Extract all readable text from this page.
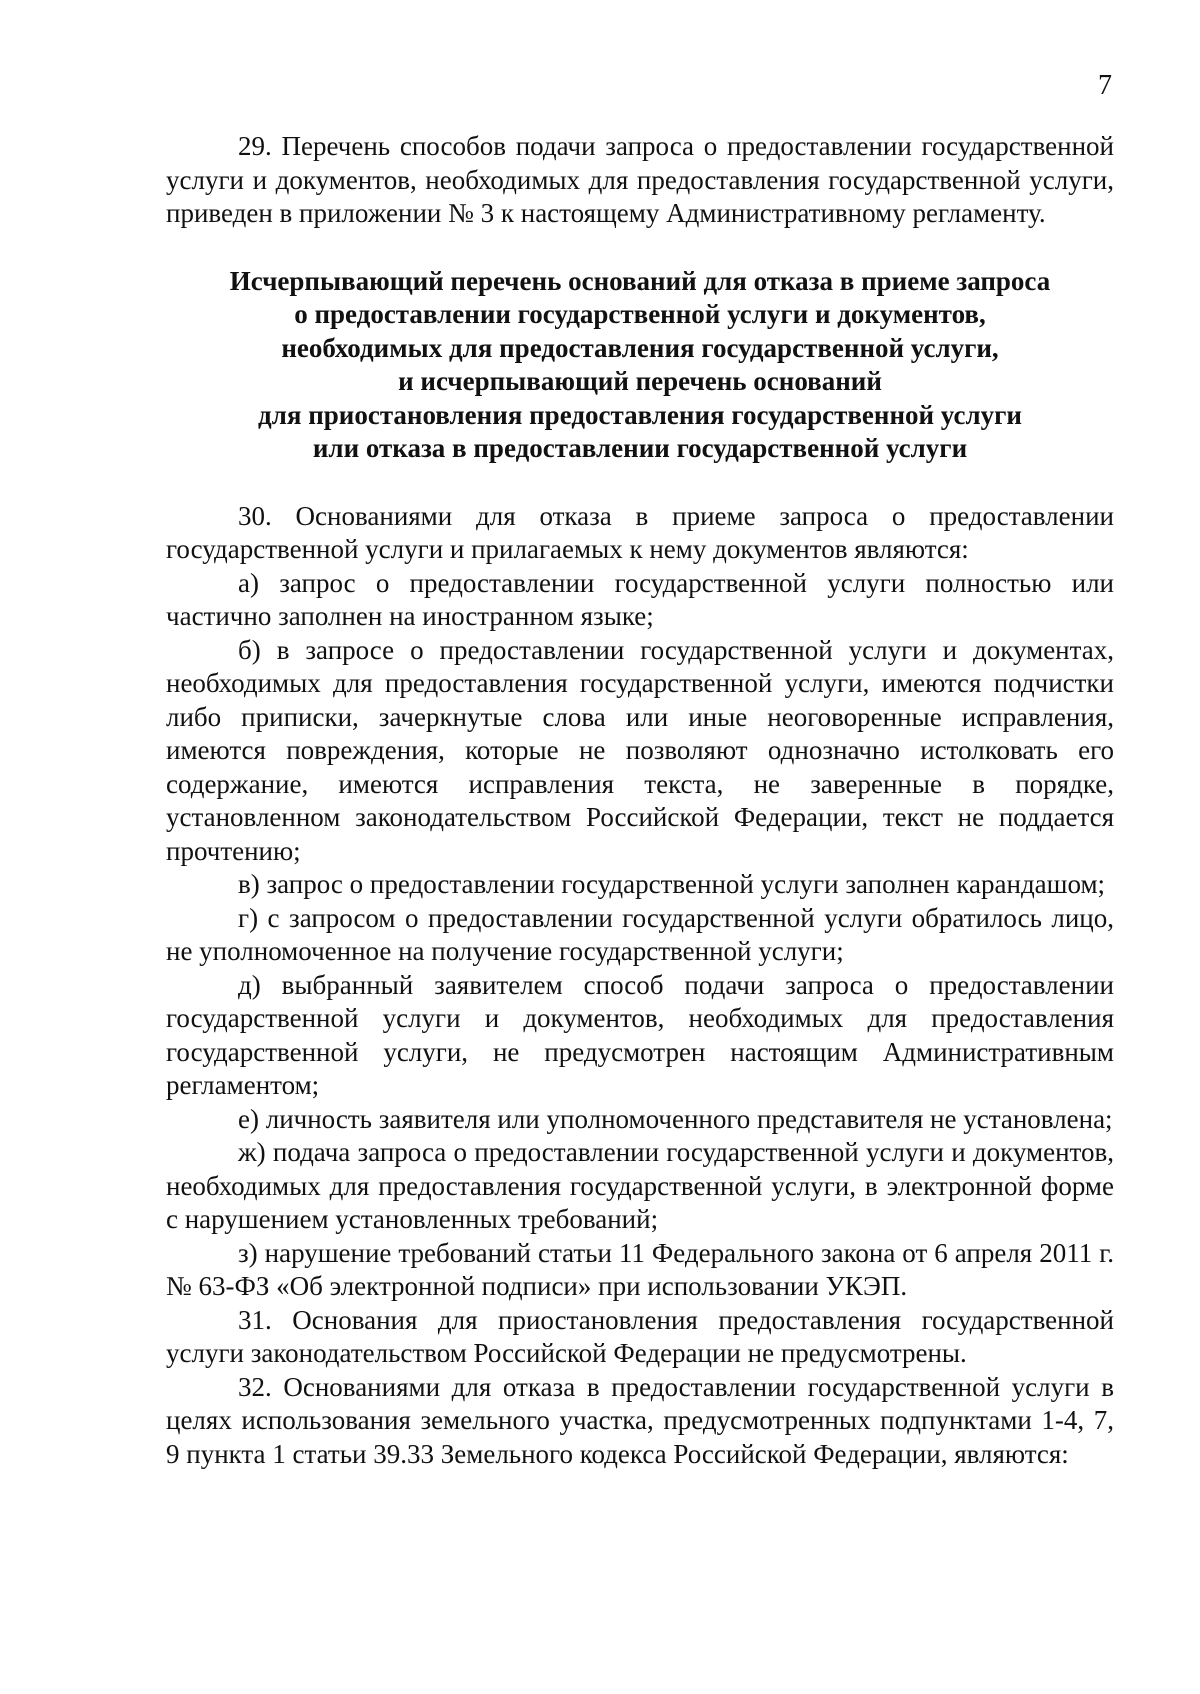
7

29. Перечень способов подачи запроса о предоставлении государственной услуги и документов, необходимых для предоставления государственной услуги, приведен в приложении № 3 к настоящему Административному регламенту.

Исчерпывающий перечень оснований для отказа в приеме запроса
о предоставлении государственной услуги и документов,
необходимых для предоставления государственной услуги,
и исчерпывающий перечень оснований
для приостановления предоставления государственной услуги
или отказа в предоставлении государственной услуги

30. Основаниями для отказа в приеме запроса о предоставлении государственной услуги и прилагаемых к нему документов являются:

а) запрос о предоставлении государственной услуги полностью или частично заполнен на иностранном языке;

б) в запросе о предоставлении государственной услуги и документах, необходимых для предоставления государственной услуги, имеются подчистки либо приписки, зачеркнутые слова или иные неоговоренные исправления, имеются повреждения, которые не позволяют однозначно истолковать его содержание, имеются исправления текста, не заверенные в порядке, установленном законодательством Российской Федерации, текст не поддается прочтению;

в) запрос о предоставлении государственной услуги заполнен карандашом;

г) с запросом о предоставлении государственной услуги обратилось лицо, не уполномоченное на получение государственной услуги;

д) выбранный заявителем способ подачи запроса о предоставлении государственной услуги и документов, необходимых для предоставления государственной услуги, не предусмотрен настоящим Административным регламентом;

е) личность заявителя или уполномоченного представителя не установлена;

ж) подача запроса о предоставлении государственной услуги и документов, необходимых для предоставления государственной услуги, в электронной форме с нарушением установленных требований;

з) нарушение требований статьи 11 Федерального закона от 6 апреля 2011 г. № 63-ФЗ «Об электронной подписи» при использовании УКЭП.

31. Основания для приостановления предоставления государственной услуги законодательством Российской Федерации не предусмотрены.

32. Основаниями для отказа в предоставлении государственной услуги в целях использования земельного участка, предусмотренных подпунктами 1-4, 7, 9 пункта 1 статьи 39.33 Земельного кодекса Российской Федерации, являются:
